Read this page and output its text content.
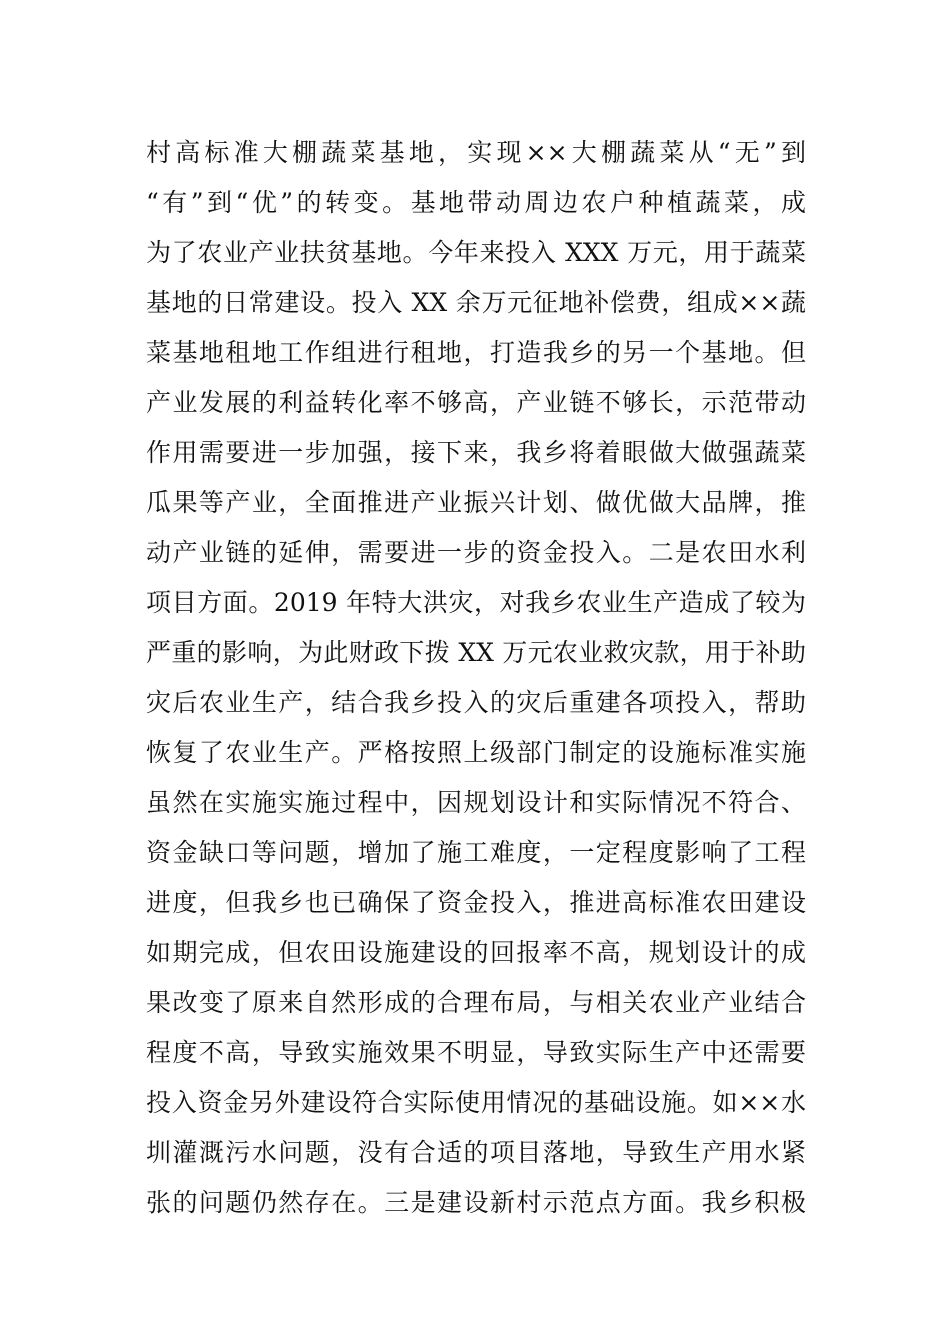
村高标准大棚蔬菜基地，实现××大棚蔬菜从“无”到
“有”到“优”的转变。基地带动周边农户种植蔬菜，成
为了农业产业扶贫基地。今年来投入 XXX 万元，用于蔬菜
基地的日常建设。投入 XX 余万元征地补偿费，组成××蔬
菜基地租地工作组进行租地，打造我乡的另一个基地。但
产业发展的利益转化率不够高，产业链不够长，示范带动
作用需要进一步加强，接下来，我乡将着眼做大做强蔬菜
瓜果等产业，全面推进产业振兴计划、做优做大品牌，推
动产业链的延伸，需要进一步的资金投入。二是农田水利
项目方面。2019 年特大洪灾，对我乡农业生产造成了较为
严重的影响，为此财政下拨 XX 万元农业救灾款，用于补助
灾后农业生产，结合我乡投入的灾后重建各项投入，帮助
恢复了农业生产。严格按照上级部门制定的设施标准实施
虽然在实施实施过程中，因规划设计和实际情况不符合、
资金缺口等问题，增加了施工难度，一定程度影响了工程
进度，但我乡也已确保了资金投入，推进高标准农田建设
如期完成，但农田设施建设的回报率不高，规划设计的成
果改变了原来自然形成的合理布局，与相关农业产业结合
程度不高，导致实施效果不明显，导致实际生产中还需要
投入资金另外建设符合实际使用情况的基础设施。如××水
圳灌溉污水问题，没有合适的项目落地，导致生产用水紧
张的问题仍然存在。三是建设新村示范点方面。我乡积极
